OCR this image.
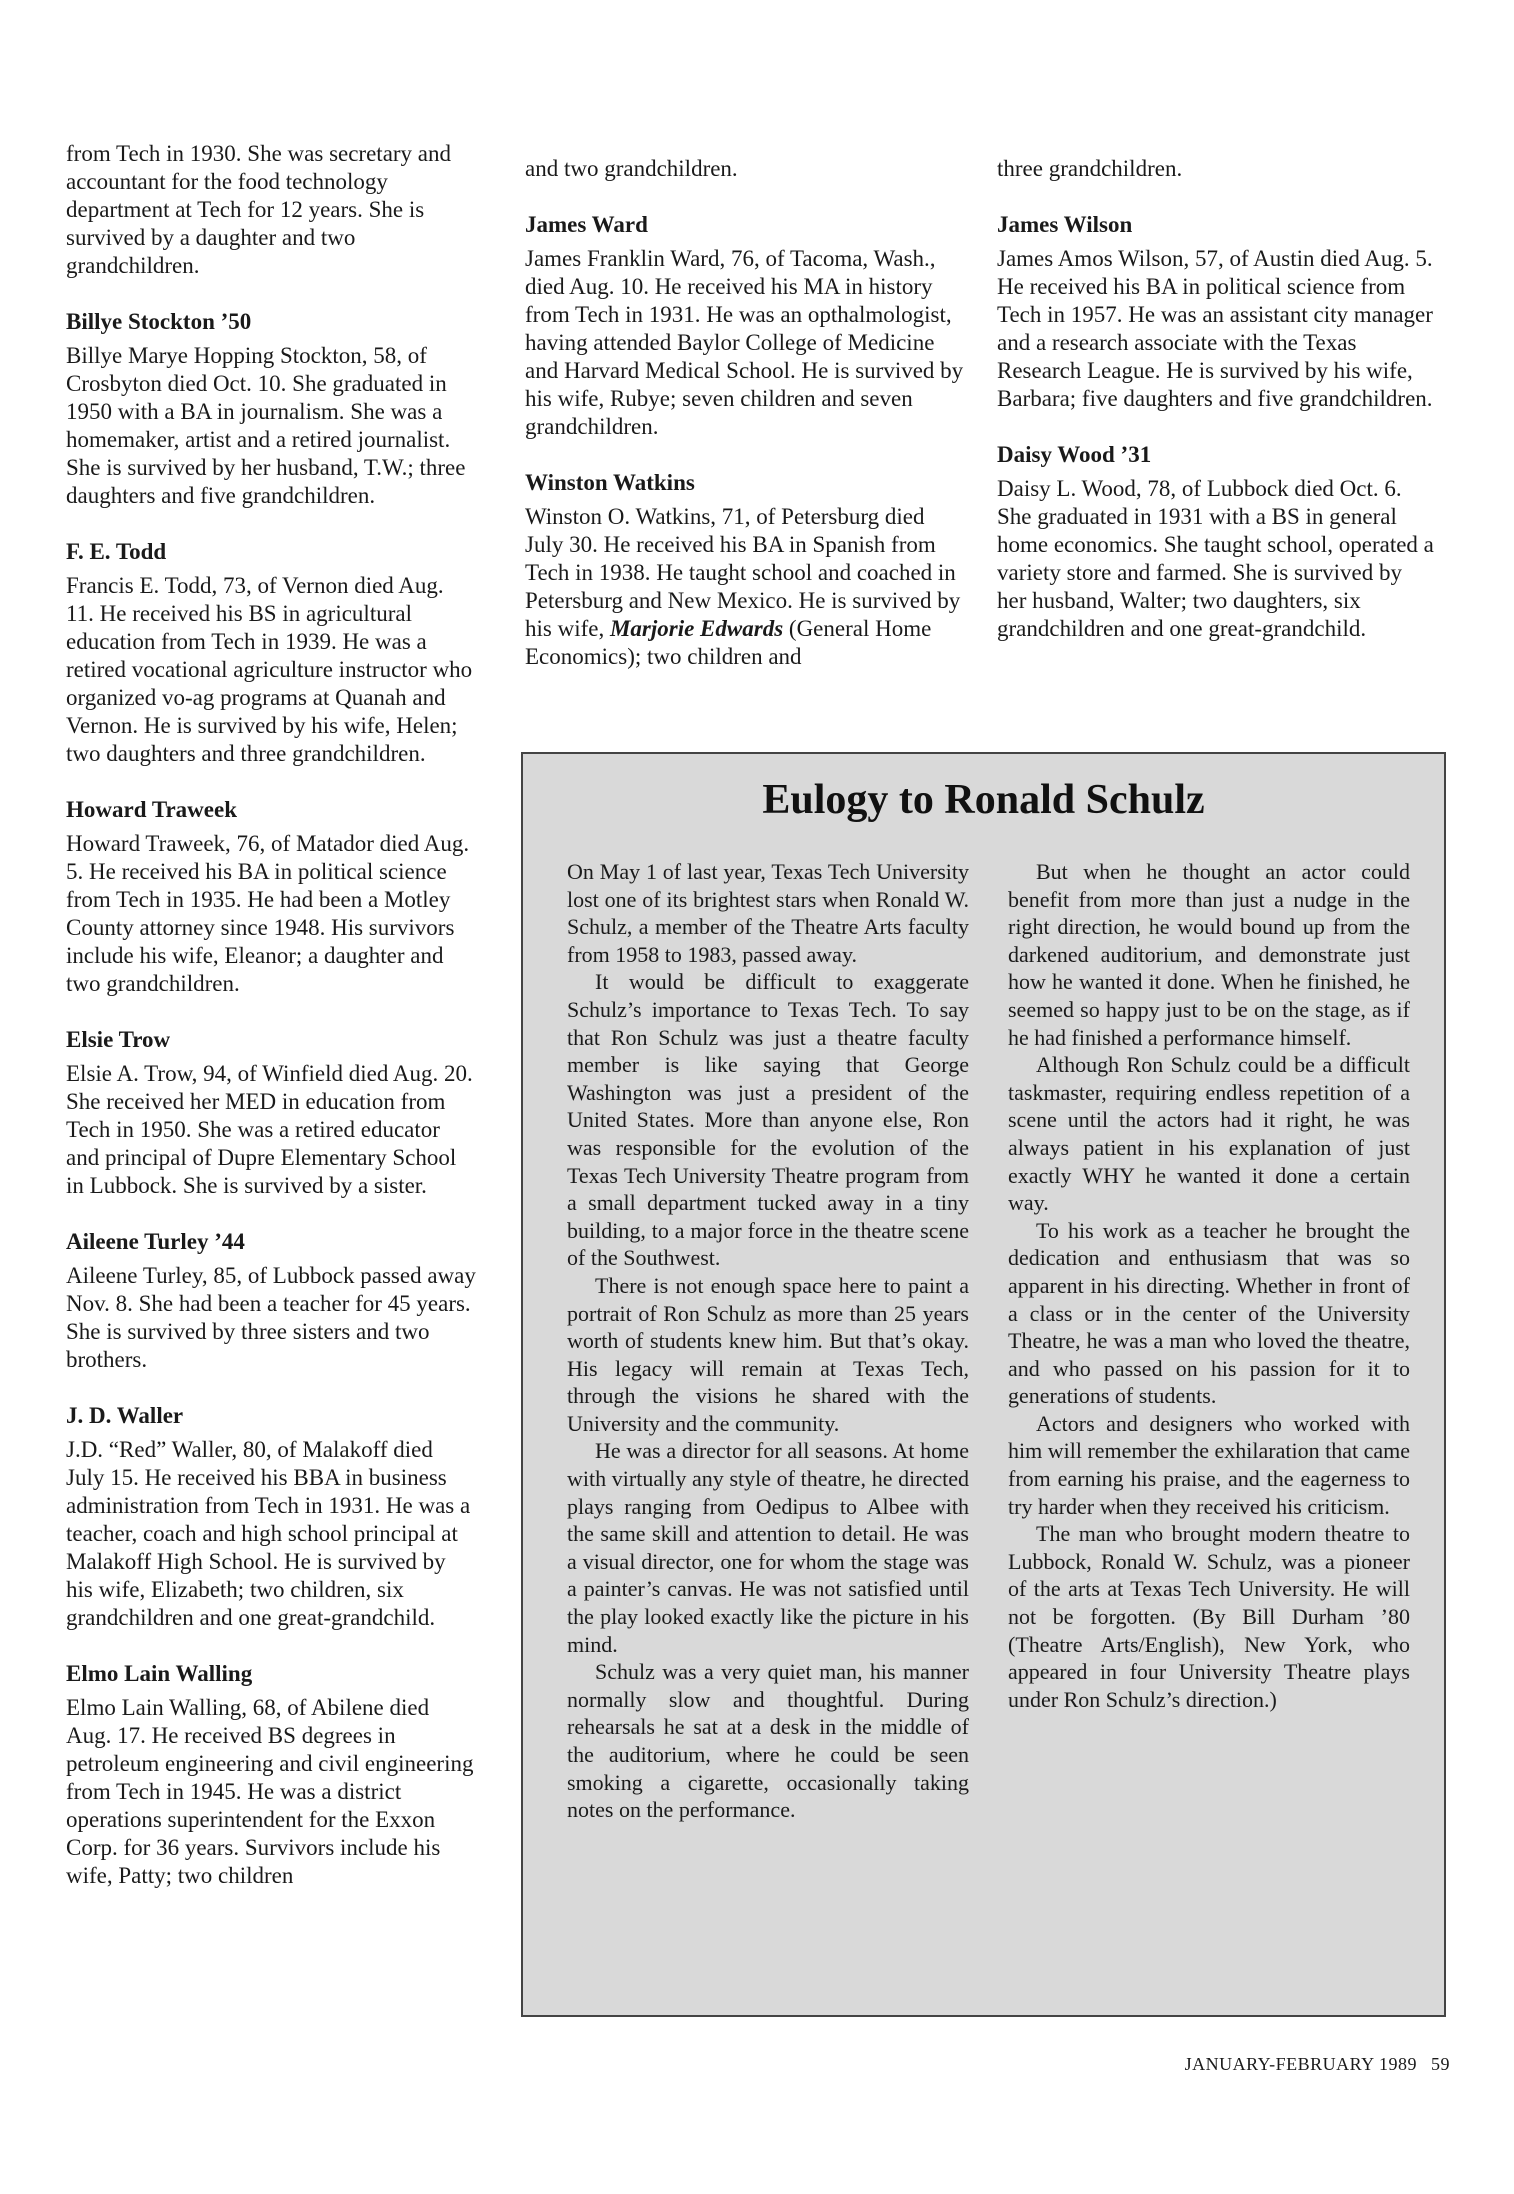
from Tech in 1930. She was secretary and accountant for the food technology department at Tech for 12 years. She is survived by a daughter and two grandchildren.
Billye Stockton ’50
Billye Marye Hopping Stockton, 58, of Crosbyton died Oct. 10. She graduated in 1950 with a BA in journalism. She was a homemaker, artist and a retired journalist. She is survived by her husband, T.W.; three daughters and five grandchildren.
F. E. Todd
Francis E. Todd, 73, of Vernon died Aug. 11. He received his BS in agricultural education from Tech in 1939. He was a retired vocational agriculture instructor who organized vo-ag programs at Quanah and Vernon. He is survived by his wife, Helen; two daughters and three grandchildren.
Howard Traweek
Howard Traweek, 76, of Matador died Aug. 5. He received his BA in political science from Tech in 1935. He had been a Motley County attorney since 1948. His survivors include his wife, Eleanor; a daughter and two grandchildren.
Elsie Trow
Elsie A. Trow, 94, of Winfield died Aug. 20. She received her MED in education from Tech in 1950. She was a retired educator and principal of Dupre Elementary School in Lubbock. She is survived by a sister.
Aileene Turley ’44
Aileene Turley, 85, of Lubbock passed away Nov. 8. She had been a teacher for 45 years. She is survived by three sisters and two brothers.
J. D. Waller
J.D. “Red” Waller, 80, of Malakoff died July 15. He received his BBA in business administration from Tech in 1931. He was a teacher, coach and high school principal at Malakoff High School. He is survived by his wife, Elizabeth; two children, six grandchildren and one great-grandchild.
Elmo Lain Walling
Elmo Lain Walling, 68, of Abilene died Aug. 17. He received BS degrees in petroleum engineering and civil engineering from Tech in 1945. He was a district operations superintendent for the Exxon Corp. for 36 years. Survivors include his wife, Patty; two children
and two grandchildren.
James Ward
James Franklin Ward, 76, of Tacoma, Wash., died Aug. 10. He received his MA in history from Tech in 1931. He was an opthalmologist, having attended Baylor College of Medicine and Harvard Medical School. He is survived by his wife, Rubye; seven children and seven grandchildren.
Winston Watkins
Winston O. Watkins, 71, of Petersburg died July 30. He received his BA in Spanish from Tech in 1938. He taught school and coached in Petersburg and New Mexico. He is survived by his wife, Marjorie Edwards (General Home Economics); two children and
three grandchildren.
James Wilson
James Amos Wilson, 57, of Austin died Aug. 5. He received his BA in political science from Tech in 1957. He was an assistant city manager and a research associate with the Texas Research League. He is survived by his wife, Barbara; five daughters and five grandchildren.
Daisy Wood ’31
Daisy L. Wood, 78, of Lubbock died Oct. 6. She graduated in 1931 with a BS in general home economics. She taught school, operated a variety store and farmed. She is survived by her husband, Walter; two daughters, six grandchildren and one great-grandchild.
Eulogy to Ronald Schulz

On May 1 of last year, Texas Tech University lost one of its brightest stars when Ronald W. Schulz, a member of the Theatre Arts faculty from 1958 to 1983, passed away.

It would be difficult to exaggerate Schulz’s importance to Texas Tech. To say that Ron Schulz was just a theatre faculty member is like saying that George Washington was just a president of the United States. More than anyone else, Ron was responsible for the evolution of the Texas Tech University Theatre program from a small department tucked away in a tiny building, to a major force in the theatre scene of the Southwest.

There is not enough space here to paint a portrait of Ron Schulz as more than 25 years worth of students knew him. But that’s okay. His legacy will remain at Texas Tech, through the visions he shared with the University and the community.

He was a director for all seasons. At home with virtually any style of theatre, he directed plays ranging from Oedipus to Albee with the same skill and attention to detail. He was a visual director, one for whom the stage was a painter’s canvas. He was not satisfied until the play looked exactly like the picture in his mind.

Schulz was a very quiet man, his manner normally slow and thoughtful. During rehearsals he sat at a desk in the middle of the auditorium, where he could be seen smoking a cigarette, occasionally taking notes on the performance.

But when he thought an actor could benefit from more than just a nudge in the right direction, he would bound up from the darkened auditorium, and demonstrate just how he wanted it done. When he finished, he seemed so happy just to be on the stage, as if he had finished a performance himself.

Although Ron Schulz could be a difficult taskmaster, requiring endless repetition of a scene until the actors had it right, he was always patient in his explanation of just exactly WHY he wanted it done a certain way.

To his work as a teacher he brought the dedication and enthusiasm that was so apparent in his directing. Whether in front of a class or in the center of the University Theatre, he was a man who loved the theatre, and who passed on his passion for it to generations of students.

Actors and designers who worked with him will remember the exhilaration that came from earning his praise, and the eagerness to try harder when they received his criticism.

The man who brought modern theatre to Lubbock, Ronald W. Schulz, was a pioneer of the arts at Texas Tech University. He will not be forgotten. (By Bill Durham ’80 (Theatre Arts/English), New York, who appeared in four University Theatre plays under Ron Schulz’s direction.)

JANUARY-FEBRUARY 1989 59
